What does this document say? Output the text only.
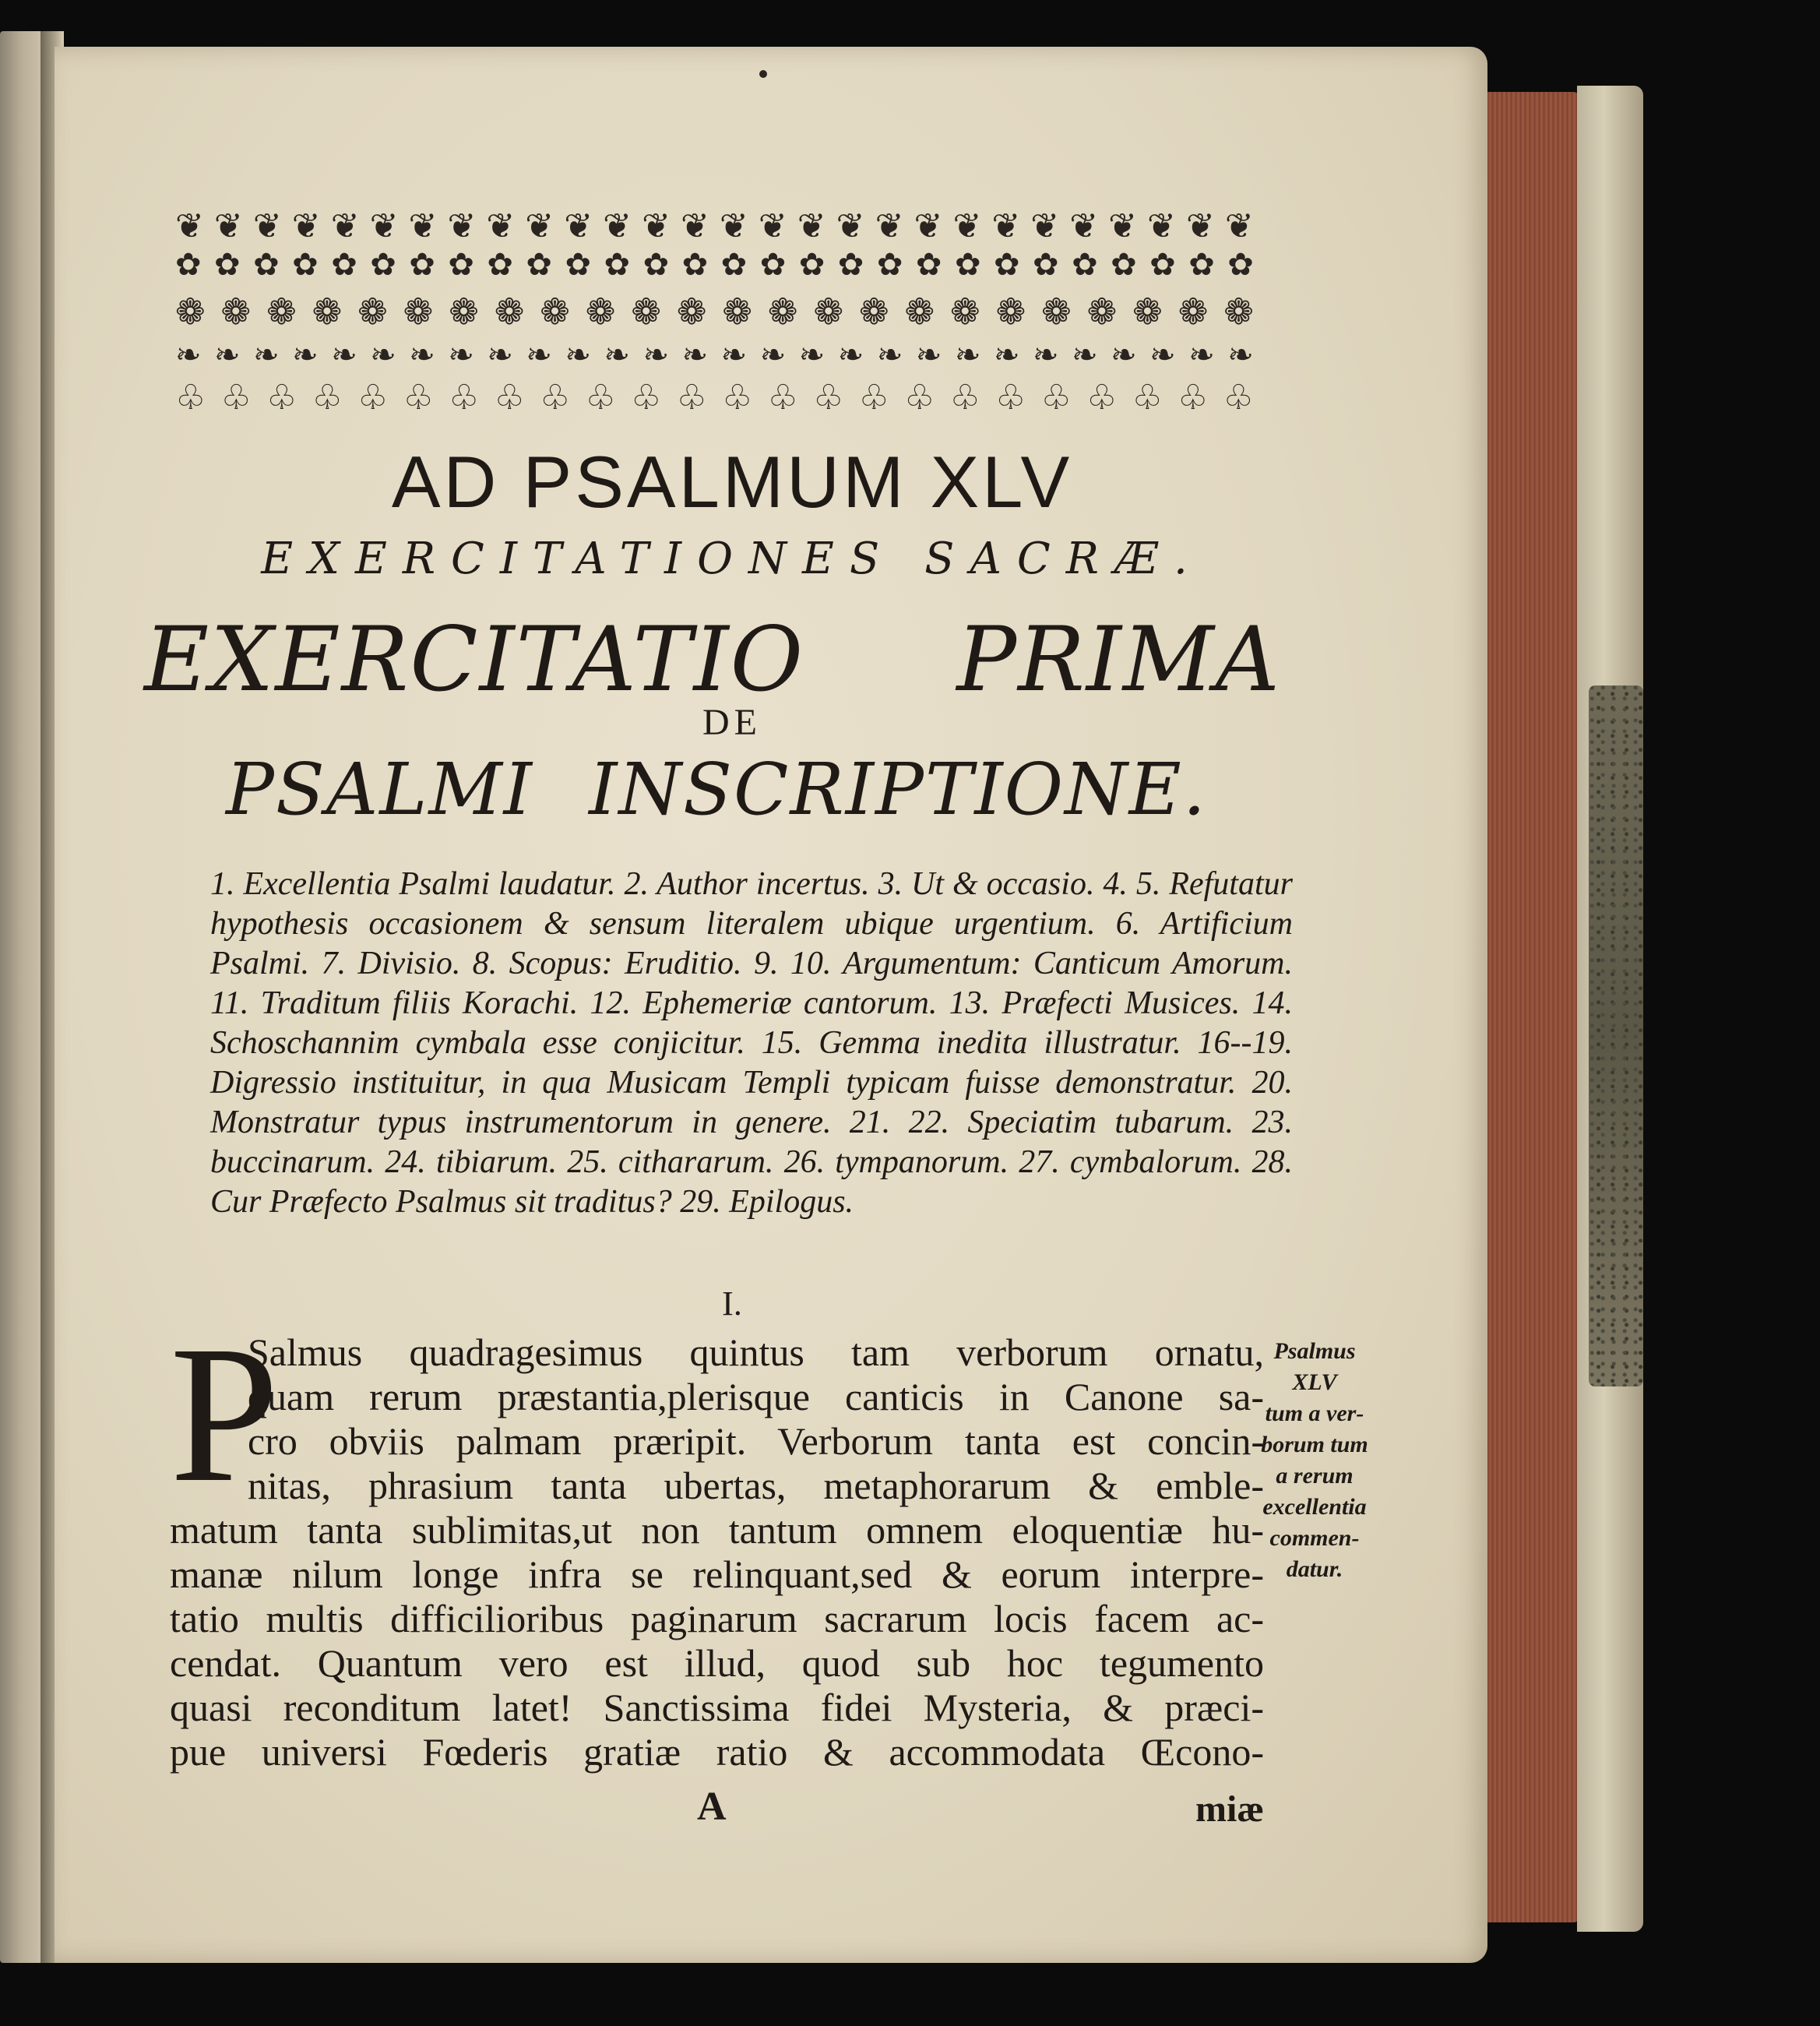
❦ ❦ ❦ ❦ ❦ ❦ ❦ ❦ ❦ ❦ ❦ ❦ ❦ ❦ ❦ ❦ ❦ ❦ ❦ ❦ ❦ ❦ ❦ ❦ ❦ ❦ ❦ ❦
✿ ✿ ✿ ✿ ✿ ✿ ✿ ✿ ✿ ✿ ✿ ✿ ✿ ✿ ✿ ✿ ✿ ✿ ✿ ✿ ✿ ✿ ✿ ✿ ✿ ✿ ✿ ✿
❁ ❁ ❁ ❁ ❁ ❁ ❁ ❁ ❁ ❁ ❁ ❁ ❁ ❁ ❁ ❁ ❁ ❁ ❁ ❁ ❁ ❁ ❁ ❁
❧ ❧ ❧ ❧ ❧ ❧ ❧ ❧ ❧ ❧ ❧ ❧ ❧ ❧ ❧ ❧ ❧ ❧ ❧ ❧ ❧ ❧ ❧ ❧ ❧ ❧ ❧ ❧
♧ ♧ ♧ ♧ ♧ ♧ ♧ ♧ ♧ ♧ ♧ ♧ ♧ ♧ ♧ ♧ ♧ ♧ ♧ ♧ ♧ ♧ ♧ ♧
AD PSALMUM XLV
EXERCITATIONES SACRÆ.
EXERCITATIO PRIMA
DE
PSALMI INSCRIPTIONE.
1. Excellentia Psalmi laudatur. 2. Author incertus. 3. Ut & occasio. 4. 5. Refutatur hypothesis occasionem & sensum literalem ubique urgentium. 6. Artificium Psalmi. 7. Divisio. 8. Scopus: Eruditio. 9. 10. Argumentum: Canticum Amorum. 11. Traditum filiis Korachi. 12. Ephemeriæ cantorum. 13. Præfecti Musices. 14. Schoschannim cymbala esse conjicitur. 15. Gemma inedita illustratur. 16--19. Digressio instituitur, in qua Musicam Templi typicam fuisse demonstratur. 20. Monstratur typus instrumentorum in genere. 21. 22. Speciatim tubarum. 23. buccinarum. 24. tibiarum. 25. cithararum. 26. tympanorum. 27. cymbalorum. 28. Cur Præfecto Psalmus sit traditus? 29. Epilogus.
I.
P
Salmus quadragesimus quintus tam verborum ornatu,
quam rerum præstantia,plerisque canticis in Canone sa-
cro obviis palmam præripit. Verborum tanta est concin-
nitas, phrasium tanta ubertas, metaphorarum & emble-
matum tanta sublimitas,ut non tantum omnem eloquentiæ hu-
manæ nilum longe infra se relinquant,sed & eorum interpre-
tatio multis difficilioribus paginarum sacrarum locis facem ac-
cendat. Quantum vero est illud, quod sub hoc tegumento
quasi reconditum latet! Sanctissima fidei Mysteria, & præci-
pue universi Fœderis gratiæ ratio & accommodata Œcono-
Psalmus
XLV
tum a ver-
borum tum
a rerum
excellentia
commen-
datur.
A	miæ
